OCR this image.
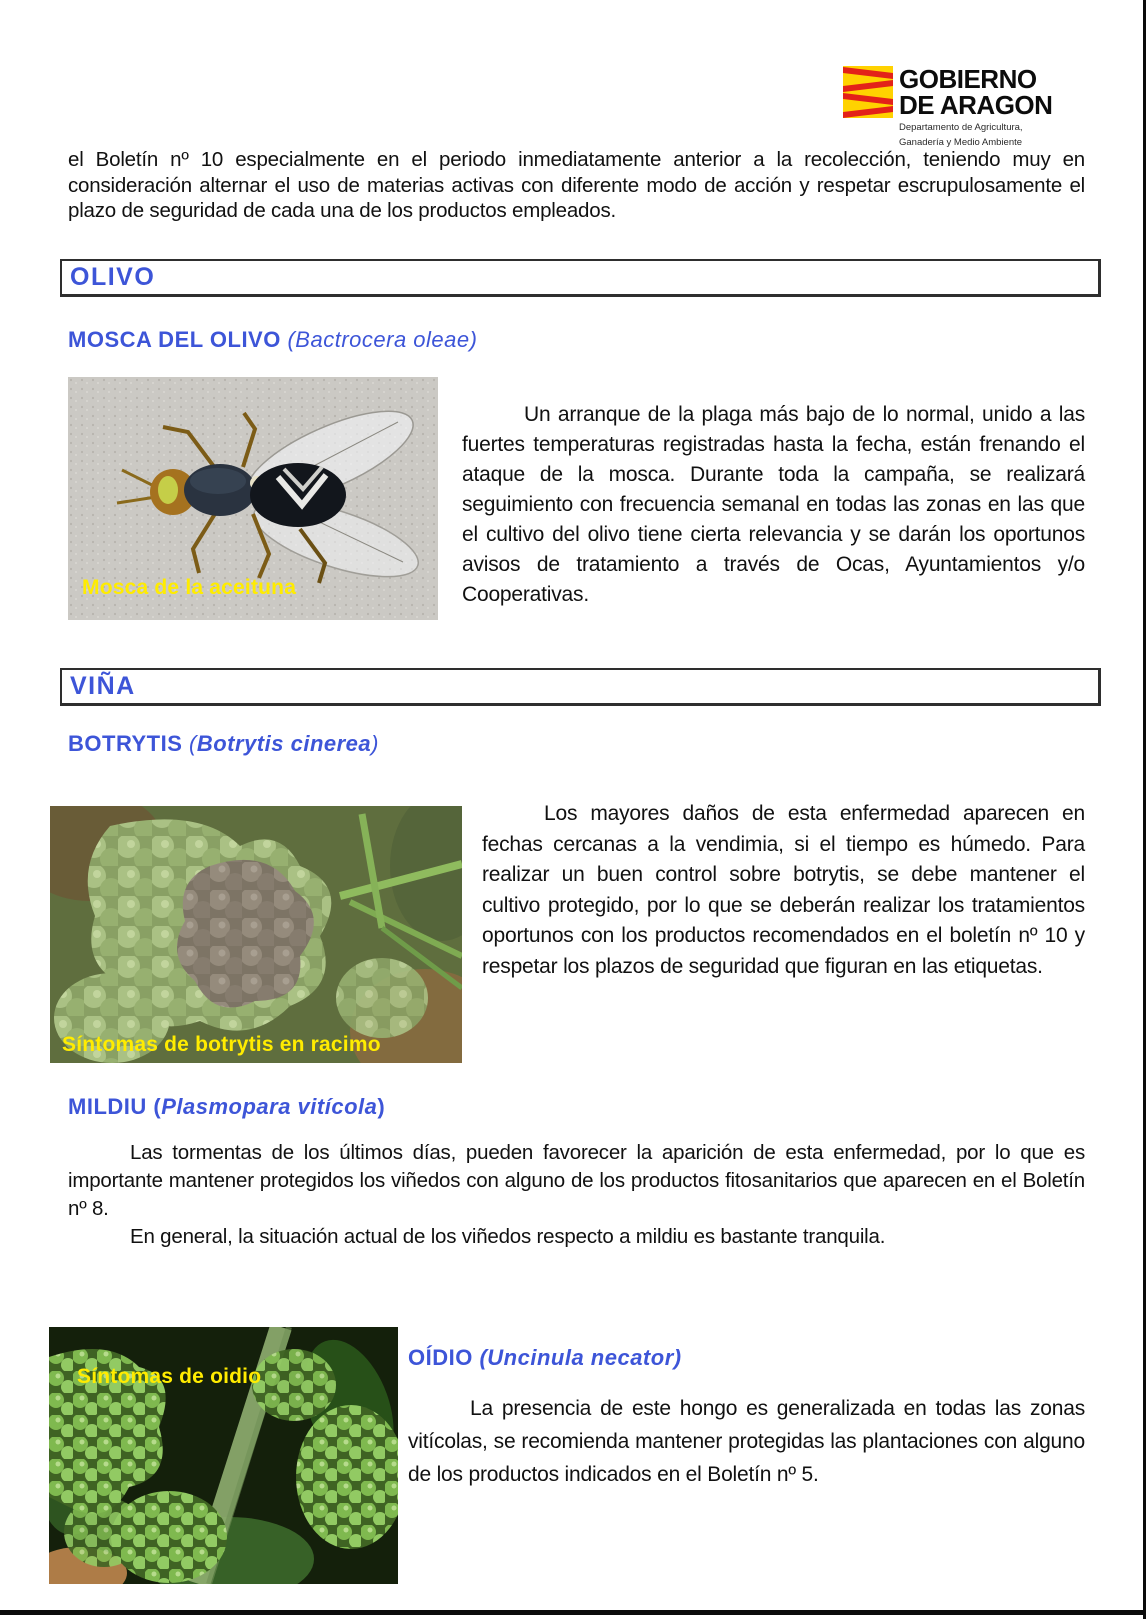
GOBIERNO
DE ARAGON
Departamento de Agricultura,
Ganadería y Medio Ambiente

el Boletín nº 10 especialmente en el periodo inmediatamente anterior a la recolección, teniendo muy en consideración alternar el uso de materias activas con diferente modo de acción y respetar escrupulosamente el plazo de seguridad de cada una de los productos empleados.

OLIVO
MOSCA DEL OLIVO (Bactrocera oleae)
Mosca de la aceituna

Un arranque de la plaga más bajo de lo normal, unido a las fuertes temperaturas registradas hasta la fecha, están frenando el ataque de la mosca. Durante toda la campaña, se realizará seguimiento con frecuencia semanal en todas las zonas en las que el cultivo del olivo tiene cierta relevancia y se darán los oportunos avisos de tratamiento a través de Ocas, Ayuntamientos y/o Cooperativas.

VIÑA
BOTRYTIS (Botrytis cinerea)
Síntomas de botrytis en racimo

Los mayores daños de esta enfermedad aparecen en fechas cercanas a la vendimia, si el tiempo es húmedo. Para realizar un buen control sobre botrytis, se debe mantener el cultivo protegido, por lo que se deberán realizar los tratamientos oportunos con los productos recomendados en el boletín nº 10 y respetar los plazos de seguridad que figuran en las etiquetas.

MILDIU (Plasmopara vitícola)

Las tormentas de los últimos días, pueden favorecer la aparición de esta enfermedad, por lo que es importante mantener protegidos los viñedos con alguno de los productos fitosanitarios que aparecen en el Boletín nº 8.

En general, la situación actual de los viñedos respecto a mildiu es bastante tranquila.

Síntomas de oidio
OÍDIO (Uncinula necator)

La presencia de este hongo es generalizada en todas las zonas vitícolas, se recomienda mantener protegidas las plantaciones con alguno de los productos indicados en el Boletín nº 5.
